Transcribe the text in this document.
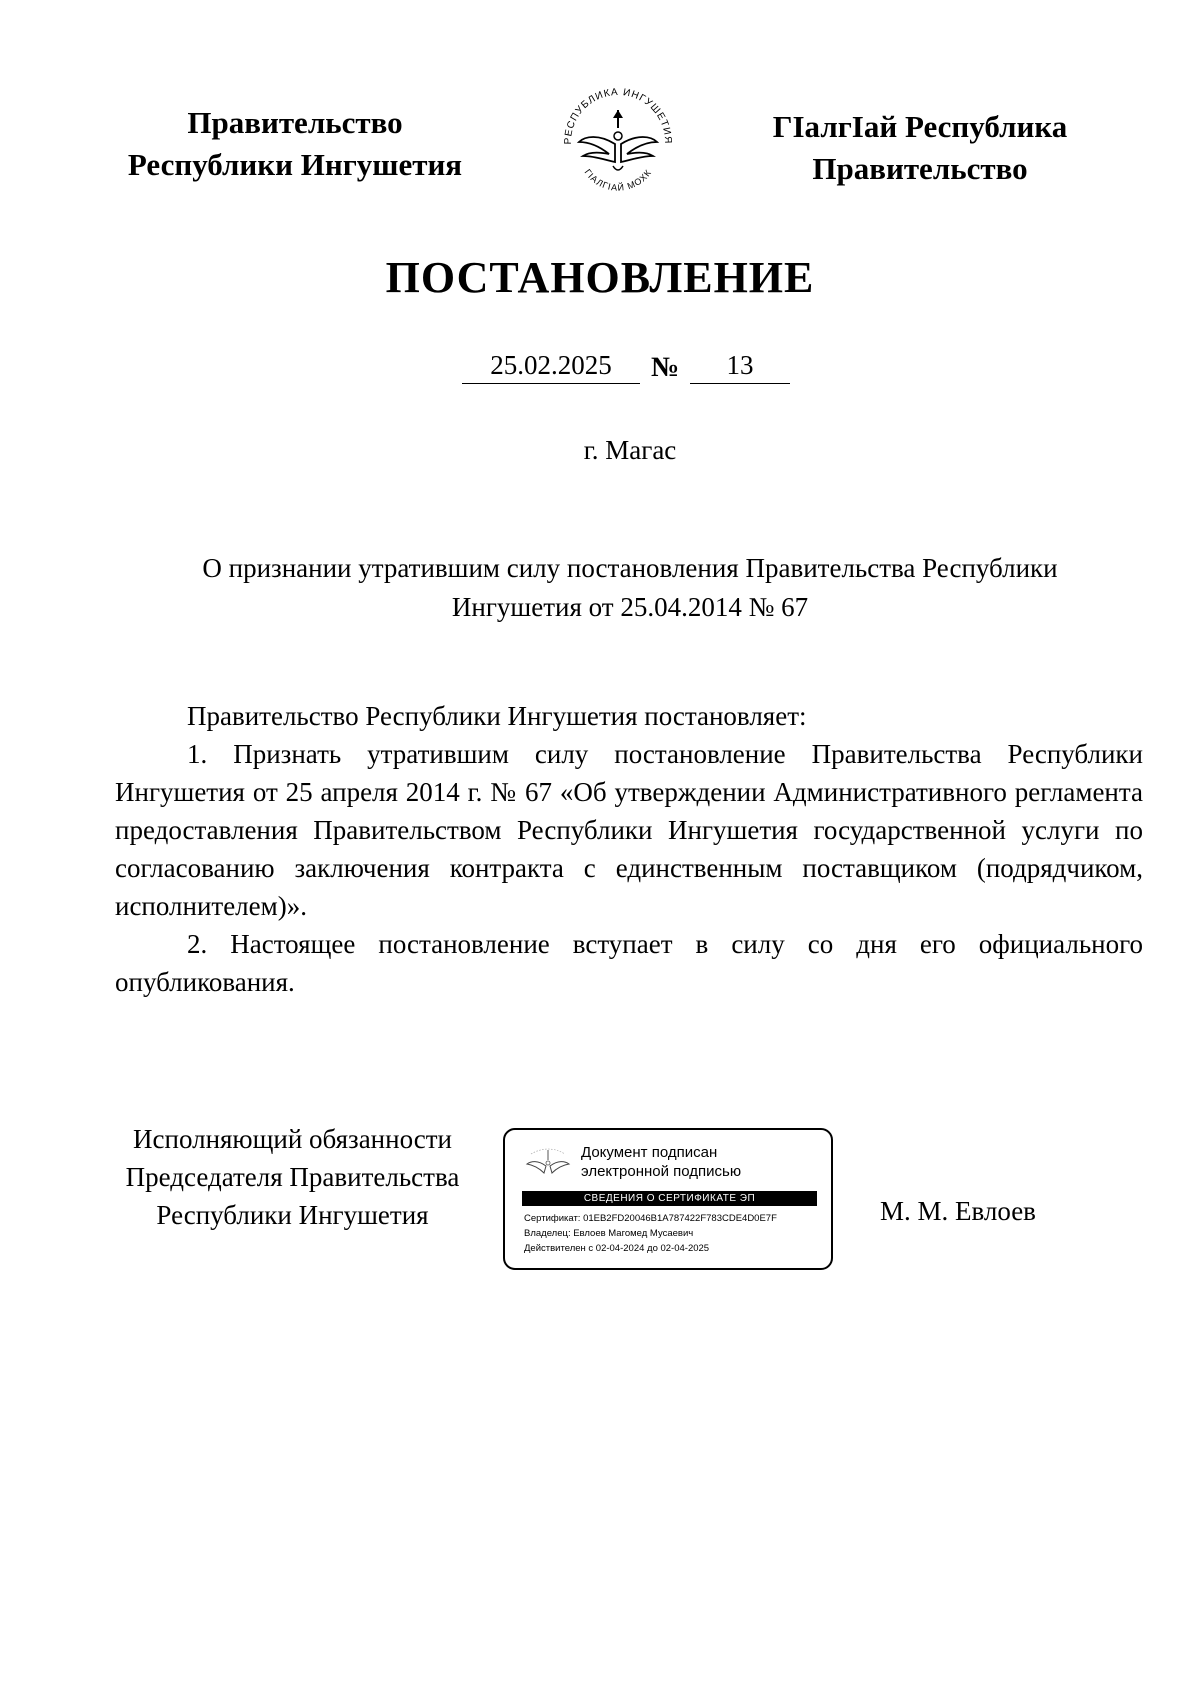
Правительство
Республики Ингушетия
РЕСПУБЛИКА ИНГУШЕТИЯ
ГIАЛГIАЙ МОХК
ГIалгIай Республика
Правительство
ПОСТАНОВЛЕНИЕ
25.02.2025	№	13
г. Магас
О признании утратившим силу постановления Правительства Республики
Ингушетия от 25.04.2014 № 67

Правительство Республики Ингушетия постановляет:

1. Признать утратившим силу постановление Правительства Республики Ингушетия от 25 апреля 2014 г. № 67 «Об утверждении Административного регламента предоставления Правительством Республики Ингушетия государственной услуги по согласованию заключения контракта с единственным поставщиком (подрядчиком, исполнителем)».

2. Настоящее постановление вступает в силу со дня его официального опубликования.

Исполняющий обязанности
Председателя Правительства
Республики Ингушетия
Документ подписан
электронной подписью
СВЕДЕНИЯ О СЕРТИФИКАТЕ ЭП
Сертификат: 01EB2FD20046B1A787422F783CDE4D0E7F
Владелец: Евлоев Магомед Мусаевич
Действителен с 02-04-2024 до 02-04-2025
М. М. Евлоев
